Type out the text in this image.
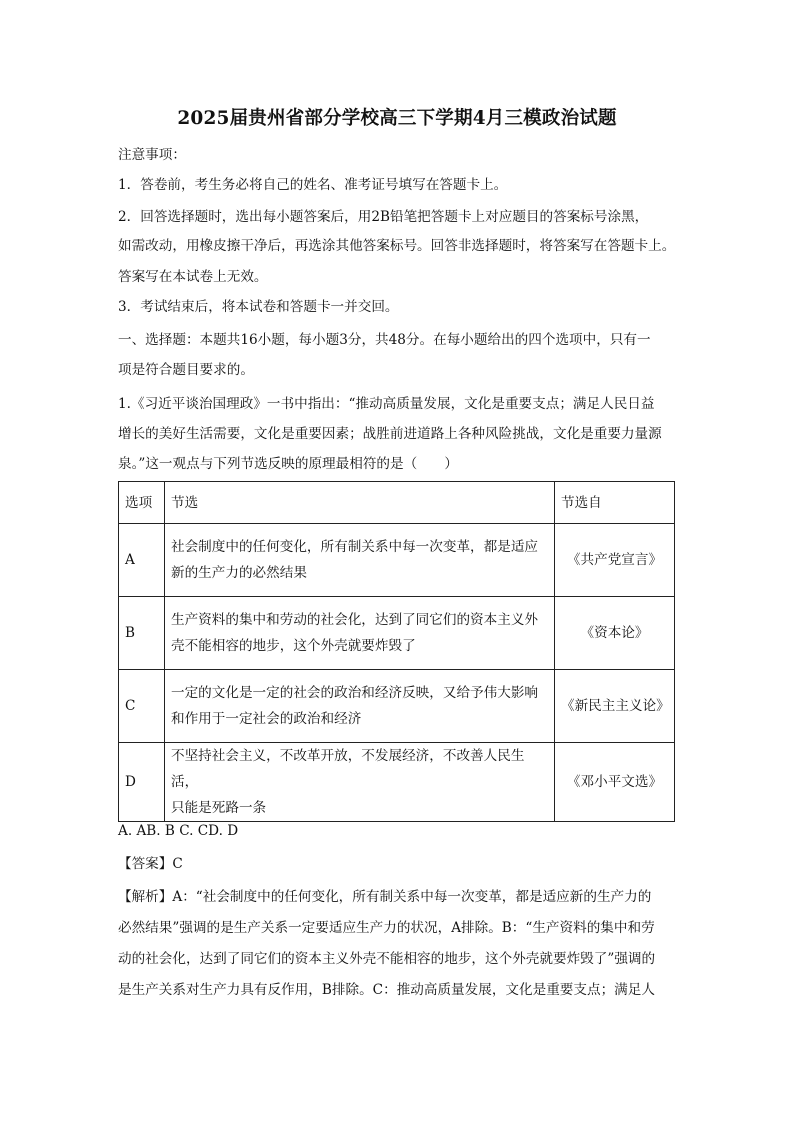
2025届贵州省部分学校高三下学期4月三模政治试题
注意事项：
1．答卷前，考生务必将自己的姓名、准考证号填写在答题卡上。
2．回答选择题时，选出每小题答案后，用2B铅笔把答题卡上对应题目的答案标号涂黑，
如需改动，用橡皮擦干净后，再选涂其他答案标号。回答非选择题时，将答案写在答题卡上。
答案写在本试卷上无效。
3．考试结束后，将本试卷和答题卡一并交回。
一、选择题：本题共16小题，每小题3分，共48分。在每小题给出的四个选项中，只有一
项是符合题目要求的。
1.《习近平谈治国理政》一书中指出：“推动高质量发展，文化是重要支点；满足人民日益
增长的美好生活需要，文化是重要因素；战胜前进道路上各种风险挑战，文化是重要力量源
泉。”这一观点与下列节选反映的原理最相符的是（　　）
选项	节选	节选自
A	社会制度中的任何变化，所有制关系中每一次变革，都是适应
新的生产力的必然结果	《共产党宣言》
B	生产资料的集中和劳动的社会化，达到了同它们的资本主义外
壳不能相容的地步，这个外壳就要炸毁了	《资本论》
C	一定的文化是一定的社会的政治和经济反映，又给予伟大影响
和作用于一定社会的政治和经济	《新民主主义论》
D	不坚持社会主义，不改革开放，不发展经济，不改善人民生活，
只能是死路一条	《邓小平文选》
A. AB. B C. CD. D
【答案】C
【解析】A：“社会制度中的任何变化，所有制关系中每一次变革，都是适应新的生产力的
必然结果”强调的是生产关系一定要适应生产力的状况，A排除。B：“生产资料的集中和劳
动的社会化，达到了同它们的资本主义外壳不能相容的地步，这个外壳就要炸毁了”强调的
是生产关系对生产力具有反作用，B排除。C：推动高质量发展，文化是重要支点；满足人
